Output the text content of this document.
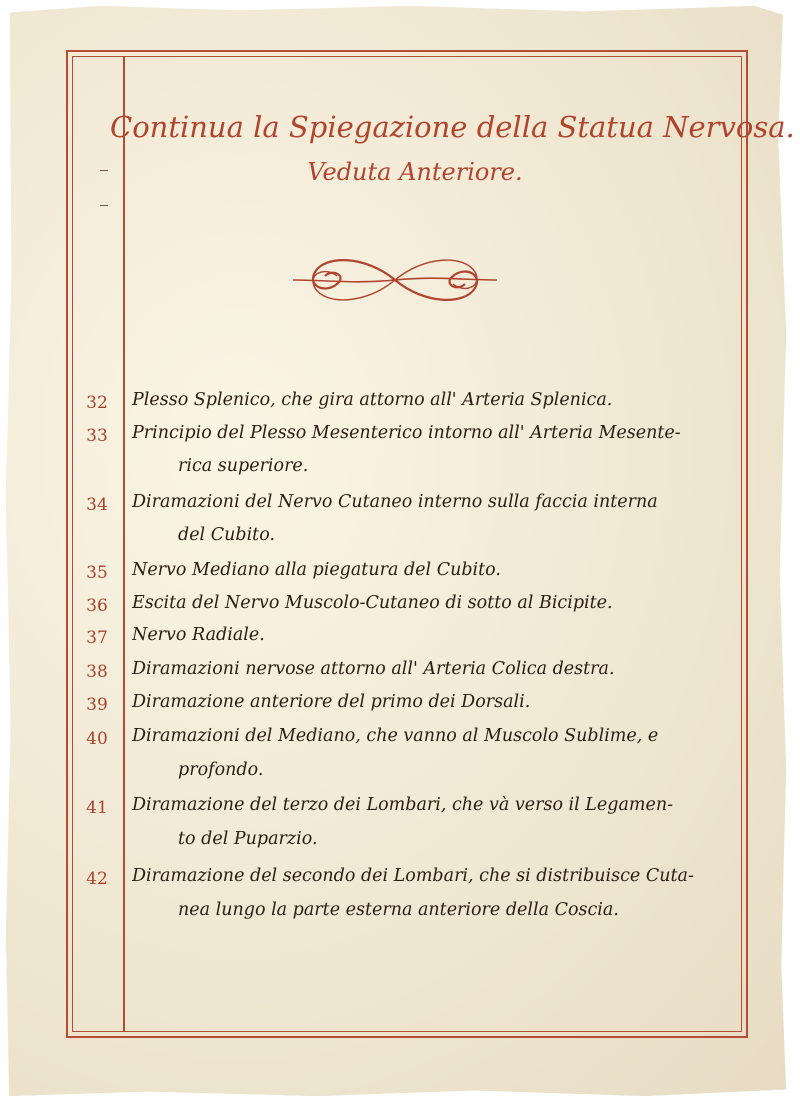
Continua la Spiegazione della Statua Nervosa.
Veduta Anteriore.
32	Plesso Splenico, che gira attorno all' Arteria Splenica.
33	Principio del Plesso Mesenterico intorno all' Arteria Mesente-
rica superiore.
34	Diramazioni del Nervo Cutaneo interno sulla faccia interna
del Cubito.
35	Nervo Mediano alla piegatura del Cubito.
36	Escita del Nervo Muscolo-Cutaneo di sotto al Bicipite.
37	Nervo Radiale.
38	Diramazioni nervose attorno all' Arteria Colica destra.
39	Diramazione anteriore del primo dei Dorsali.
40	Diramazioni del Mediano, che vanno al Muscolo Sublime, e
profondo.
41	Diramazione del terzo dei Lombari, che và verso il Legamen-
to del Puparzio.
42	Diramazione del secondo dei Lombari, che si distribuisce Cuta-
nea lungo la parte esterna anteriore della Coscia.
